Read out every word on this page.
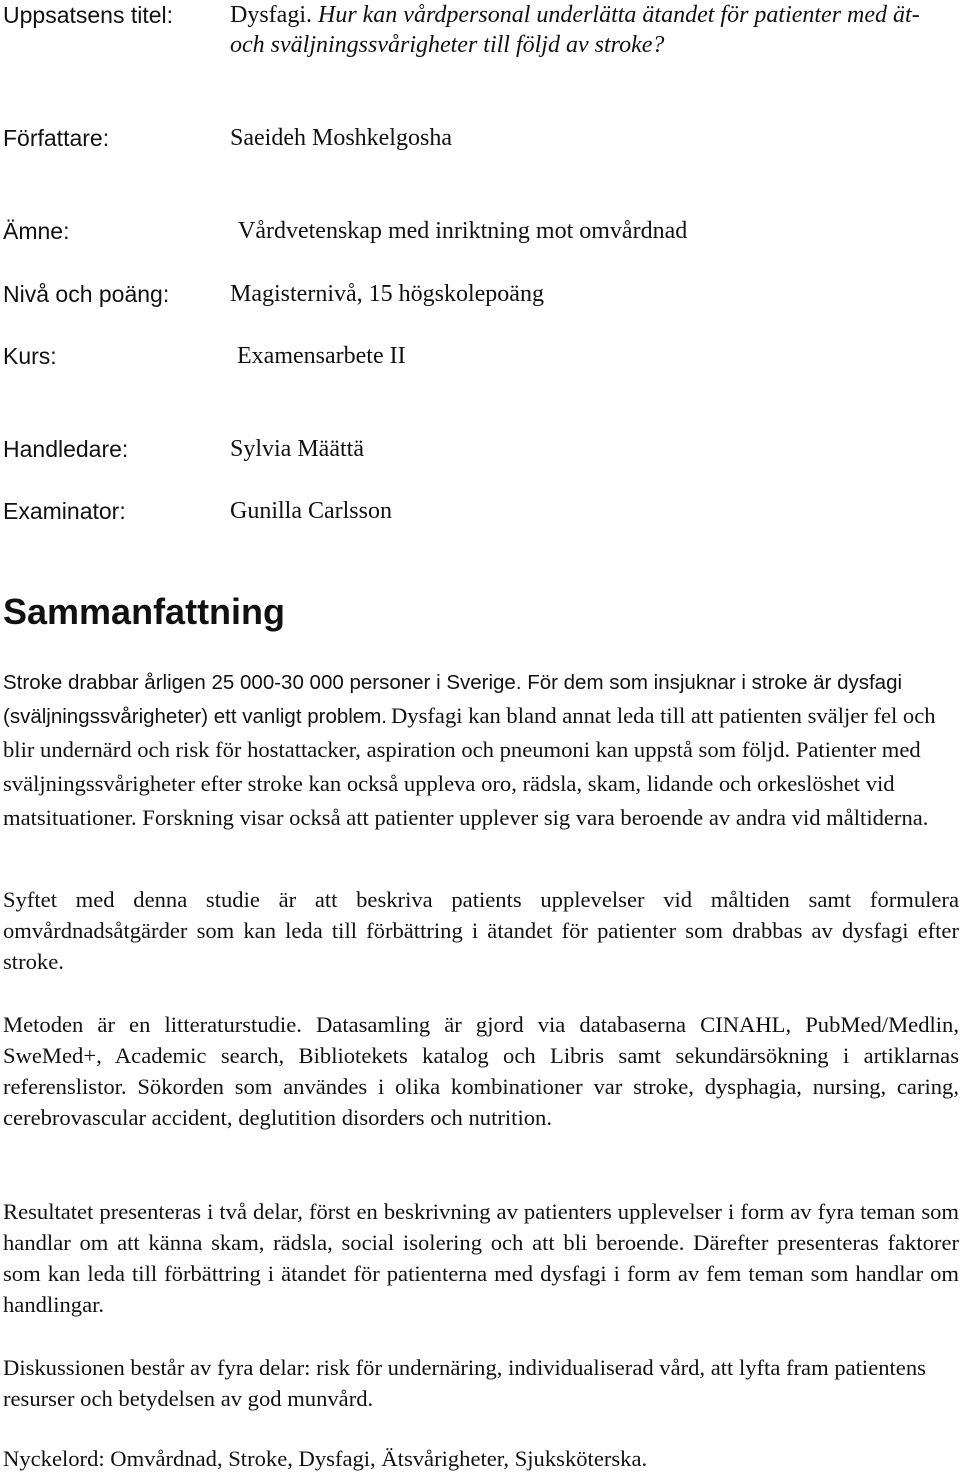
Uppsatsens titel: Dysfagi. Hur kan vårdpersonal underlätta ätandet för patienter med ät- och sväljningssvårigheter till följd av stroke?
Författare:	Saeideh Moshkelgosha
Ämne:	Vårdvetenskap med inriktning mot omvårdnad
Nivå och poäng:	Magisternivå, 15 högskolepoäng
Kurs:	Examensarbete II
Handledare:	Sylvia Määttä
Examinator:	Gunilla Carlsson
Sammanfattning

Stroke drabbar årligen 25 000-30 000 personer i Sverige. För dem som insjuknar i stroke är dysfagi (sväljningssvårigheter) ett vanligt problem. Dysfagi kan bland annat leda till att patienten sväljer fel och blir undernärd och risk för hostattacker, aspiration och pneumoni kan uppstå som följd. Patienter med sväljningssvårigheter efter stroke kan också uppleva oro, rädsla, skam, lidande och orkeslöshet vid matsituationer. Forskning visar också att patienter upplever sig vara beroende av andra vid måltiderna.

Syftet med denna studie är att beskriva patients upplevelser vid måltiden samt formulera omvårdnadsåtgärder som kan leda till förbättring i ätandet för patienter som drabbas av dysfagi efter stroke.

Metoden är en litteraturstudie. Datasamling är gjord via databaserna CINAHL, PubMed/Medlin, SweMed+, Academic search, Bibliotekets katalog och Libris samt sekundärsökning i artiklarnas referenslistor. Sökorden som användes i olika kombinationer var stroke, dysphagia, nursing, caring, cerebrovascular accident, deglutition disorders och nutrition.

Resultatet presenteras i två delar, först en beskrivning av patienters upplevelser i form av fyra teman som handlar om att känna skam, rädsla, social isolering och att bli beroende. Därefter presenteras faktorer som kan leda till förbättring i ätandet för patienterna med dysfagi i form av fem teman som handlar om handlingar.

Diskussionen består av fyra delar: risk för undernäring, individualiserad vård, att lyfta fram patientens resurser och betydelsen av god munvård.

Nyckelord: Omvårdnad, Stroke, Dysfagi, Ätsvårigheter, Sjuksköterska.
